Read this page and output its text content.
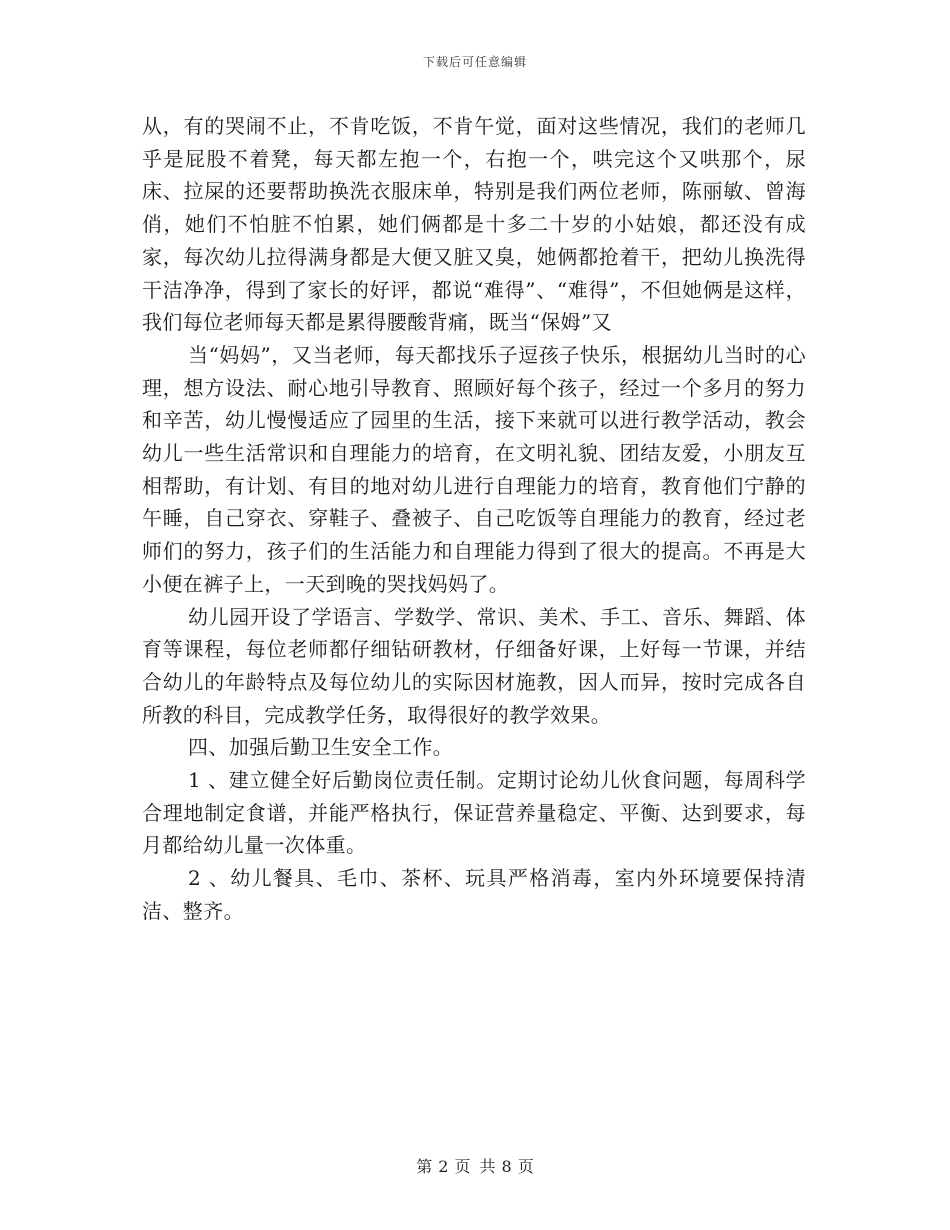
下载后可任意编辑

从，有的哭闹不止，不肯吃饭，不肯午觉，面对这些情况，我们的老师几乎是屁股不着凳，每天都左抱一个，右抱一个，哄完这个又哄那个，尿床、拉屎的还要帮助换洗衣服床单，特别是我们两位老师，陈丽敏、曾海俏，她们不怕脏不怕累，她们俩都是十多二十岁的小姑娘，都还没有成家，每次幼儿拉得满身都是大便又脏又臭，她俩都抢着干，把幼儿换洗得干洁净净，得到了家长的好评，都说“难得”、“难得”，不但她俩是这样，我们每位老师每天都是累得腰酸背痛，既当“保姆”又

当“妈妈”，又当老师，每天都找乐子逗孩子快乐，根据幼儿当时的心理，想方设法、耐心地引导教育、照顾好每个孩子，经过一个多月的努力和辛苦，幼儿慢慢适应了园里的生活，接下来就可以进行教学活动，教会幼儿一些生活常识和自理能力的培育，在文明礼貌、团结友爱，小朋友互相帮助，有计划、有目的地对幼儿进行自理能力的培育，教育他们宁静的午睡，自己穿衣、穿鞋子、叠被子、自己吃饭等自理能力的教育，经过老师们的努力，孩子们的生活能力和自理能力得到了很大的提高。不再是大小便在裤子上，一天到晚的哭找妈妈了。

幼儿园开设了学语言、学数学、常识、美术、手工、音乐、舞蹈、体育等课程，每位老师都仔细钻研教材，仔细备好课，上好每一节课，并结合幼儿的年龄特点及每位幼儿的实际因材施教，因人而异，按时完成各自所教的科目，完成教学任务，取得很好的教学效果。

四、加强后勤卫生安全工作。

1 、建立健全好后勤岗位责任制。定期讨论幼儿伙食问题，每周科学合理地制定食谱，并能严格执行，保证营养量稳定、平衡、达到要求，每月都给幼儿量一次体重。

2 、幼儿餐具、毛巾、茶杯、玩具严格消毒，室内外环境要保持清洁、整齐。

第 2 页 共 8 页
